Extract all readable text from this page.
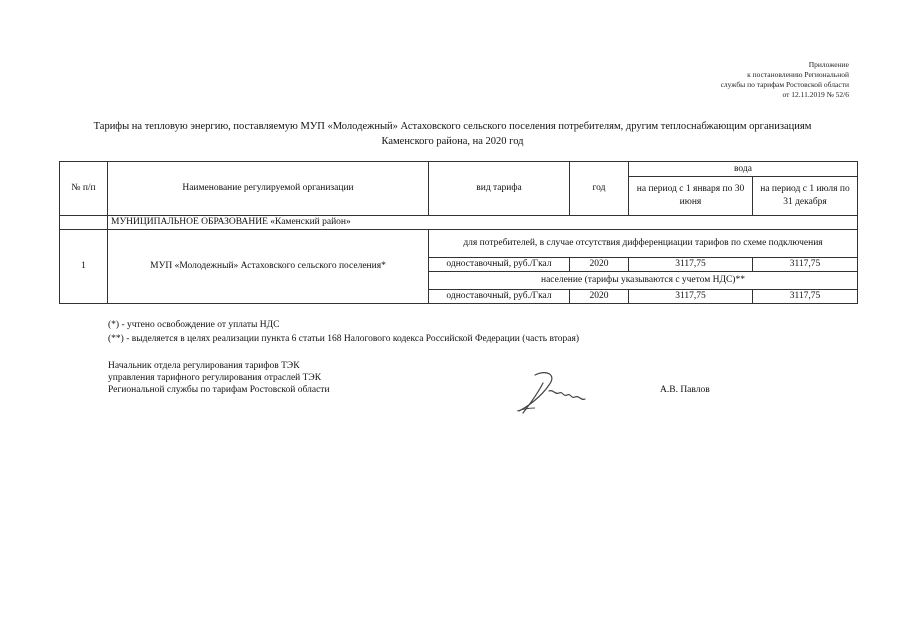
Приложение
к постановлению Региональной
службы по тарифам Ростовской области
от 12.11.2019 № 52/6
Тарифы на тепловую энергию, поставляемую МУП «Молодежный» Астаховского сельского поселения потребителям, другим теплоснабжающим организациям
Каменского района, на 2020 год
№ п/п	Наименование регулируемой организации	вид тарифа	год	вода	
				на период с 1 января по 30 июня	на период с 1 июля по 31 декабря
	МУНИЦИПАЛЬНОЕ ОБРАЗОВАНИЕ «Каменский район»				
1	МУП «Молодежный» Астаховского сельского поселения*	для потребителей, в случае отсутствия дифференциации тарифов по схеме подключения			
		одноставочный, руб./Гкал	2020	3117,75	3117,75
		население (тарифы указываются с учетом НДС)**			
		одноставочный, руб./Гкал	2020	3117,75	3117,75
(*) - учтено освобождение от уплаты НДС
(**) - выделяется в целях реализации пункта 6 статьи 168 Налогового кодекса Российской Федерации (часть вторая)
Начальник отдела регулирования тарифов ТЭК
управления тарифного регулирования отраслей ТЭК
Региональной службы по тарифам Ростовской области	А.В. Павлов
